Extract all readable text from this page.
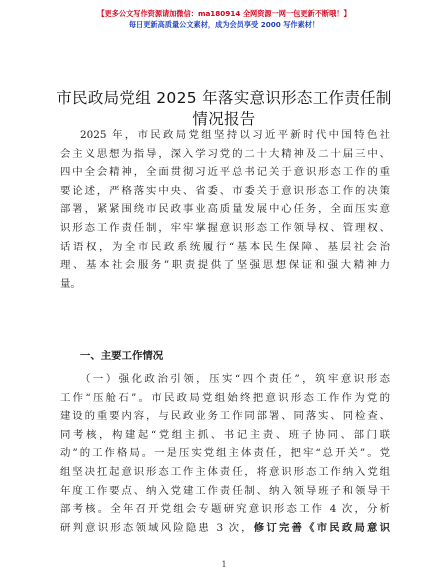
【更多公文写作资源请加微信：ma180914 全网资源一网一包更新不断哦！】
每日更新高质量公文素材，成为会员享受 2000 写作素材！
市民政局党组 2025 年落实意识形态工作责任制
情况报告
2025 年，市民政局党组坚持以习近平新时代中国特色社
会主义思想为指导，深入学习党的二十大精神及二十届三中、
四中全会精神，全面贯彻习近平总书记关于意识形态工作的重
要论述，严格落实中央、省委、市委关于意识形态工作的决策
部署，紧紧围绕市民政事业高质量发展中心任务，全面压实意
识形态工作责任制，牢牢掌握意识形态工作领导权、管理权、
话语权，为全市民政系统履行“基本民生保障、基层社会治
理、基本社会服务”职责提供了坚强思想保证和强大精神力
量。
一、主要工作情况
（一）强化政治引领，压实“四个责任”，筑牢意识形态
工作“压舱石”。市民政局党组始终把意识形态工作作为党的
建设的重要内容，与民政业务工作同部署、同落实、同检查、
同考核，构建起“党组主抓、书记主责、班子协同、部门联
动”的工作格局。一是压实党组主体责任，把牢“总开关”。党
组坚决扛起意识形态工作主体责任，将意识形态工作纳入党组
年度工作要点、纳入党建工作责任制、纳入领导班子和领导干
部考核。全年召开党组会专题研究意识形态工作 4 次，分析
研判意识形态领域风险隐患 3 次，修订完善《市民政局意识
1
